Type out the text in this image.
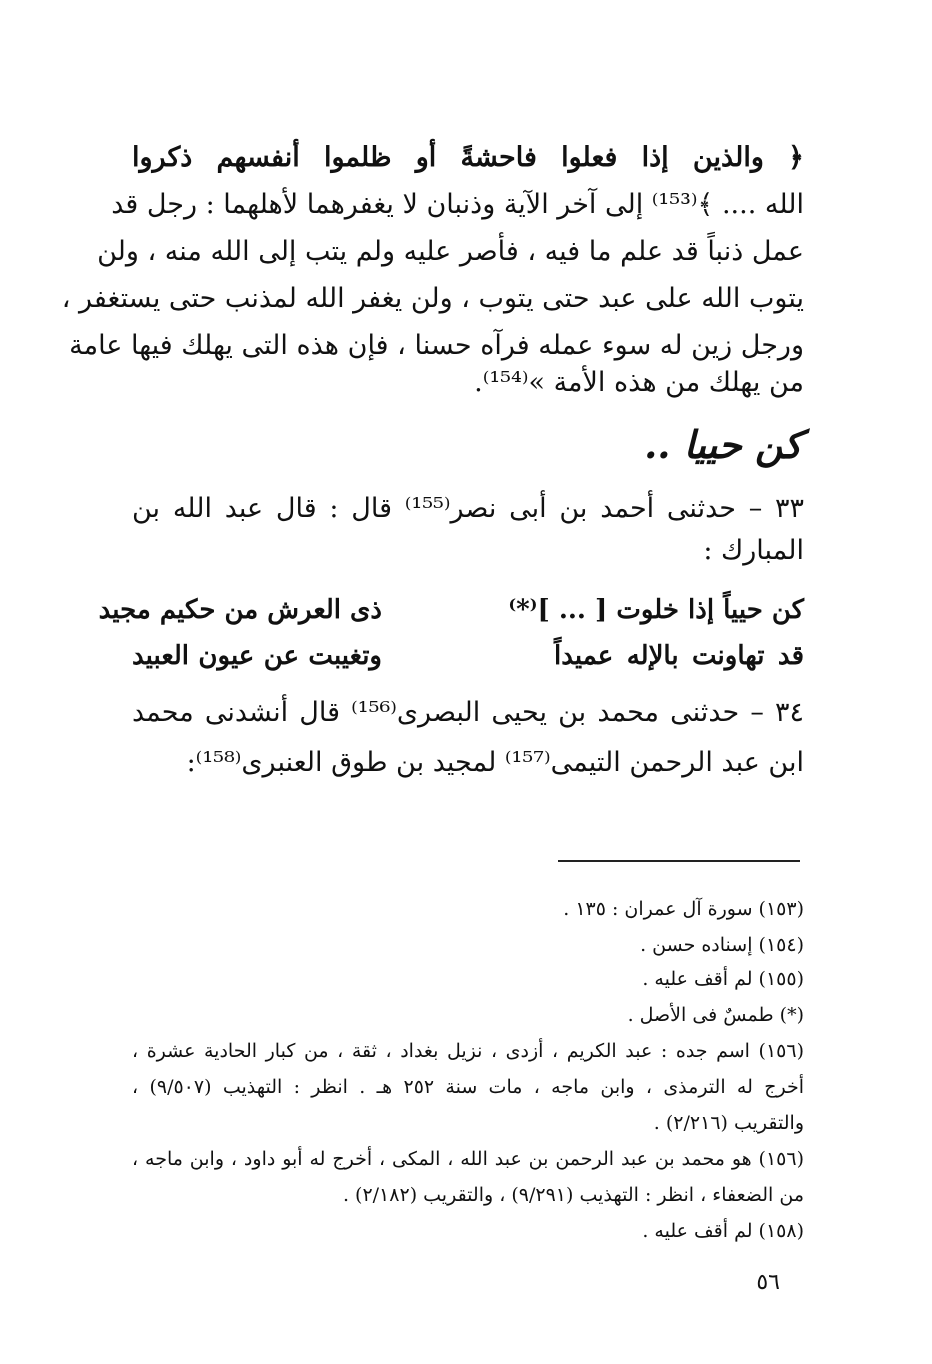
﴿ والذين إذا فعلوا فاحشةً أو ظلموا أنفسهم ذكروا
الله .... ﴾⁽¹⁵³⁾ إلى آخر الآية وذنبان لا يغفرهما لأهلهما : رجل قد
عمل ذنباً قد علم ما فيه ، فأصر عليه ولم يتب إلى الله منه ، ولن
يتوب الله على عبد حتى يتوب ، ولن يغفر الله لمذنب حتى يستغفر ،
ورجل زين له سوء عمله فرآه حسنا ، فإن هذه التى يهلك فيها عامة
من يهلك من هذه الأمة »⁽¹⁵⁴⁾.
كن حييا ..
٣٣ – حدثنى أحمد بن أبى نصر⁽¹⁵⁵⁾ قال : قال عبد الله بن
المبارك :
كن حيياً إذا خلوت [ ... ]⁽*⁾
ذى العرش من حكيم مجيد
قد تهاونت بالإله عميداً
وتغيبت عن عيون العبيد
٣٤ – حدثنى محمد بن يحيى البصرى⁽¹⁵⁶⁾ قال أنشدنى محمد
ابن عبد الرحمن التيمى⁽¹⁵⁷⁾ لمجيد بن طوق العنبرى⁽¹⁵⁸⁾:
(١٥٣) سورة آل عمران : ١٣٥ .
(١٥٤) إسناده حسن .
(١٥٥) لم أقف عليه .
(*) طمسٌ فى الأصل .
(١٥٦) اسم جده : عبد الكريم ، أزدى ، نزيل بغداد ، ثقة ، من كبار الحادية عشرة ،
أخرج له الترمذى ، وابن ماجه ، مات سنة ٢٥٢ هـ . انظر : التهذيب (٩/٥٠٧) ،
والتقريب (٢/٢١٦) .
(١٥٦) هو محمد بن عبد الرحمن بن عبد الله ، المكى ، أخرج له أبو داود ، وابن ماجه ،
من الضعفاء ، انظر : التهذيب (٩/٢٩١) ، والتقريب (٢/١٨٢) .
(١٥٨) لم أقف عليه .
٥٦
